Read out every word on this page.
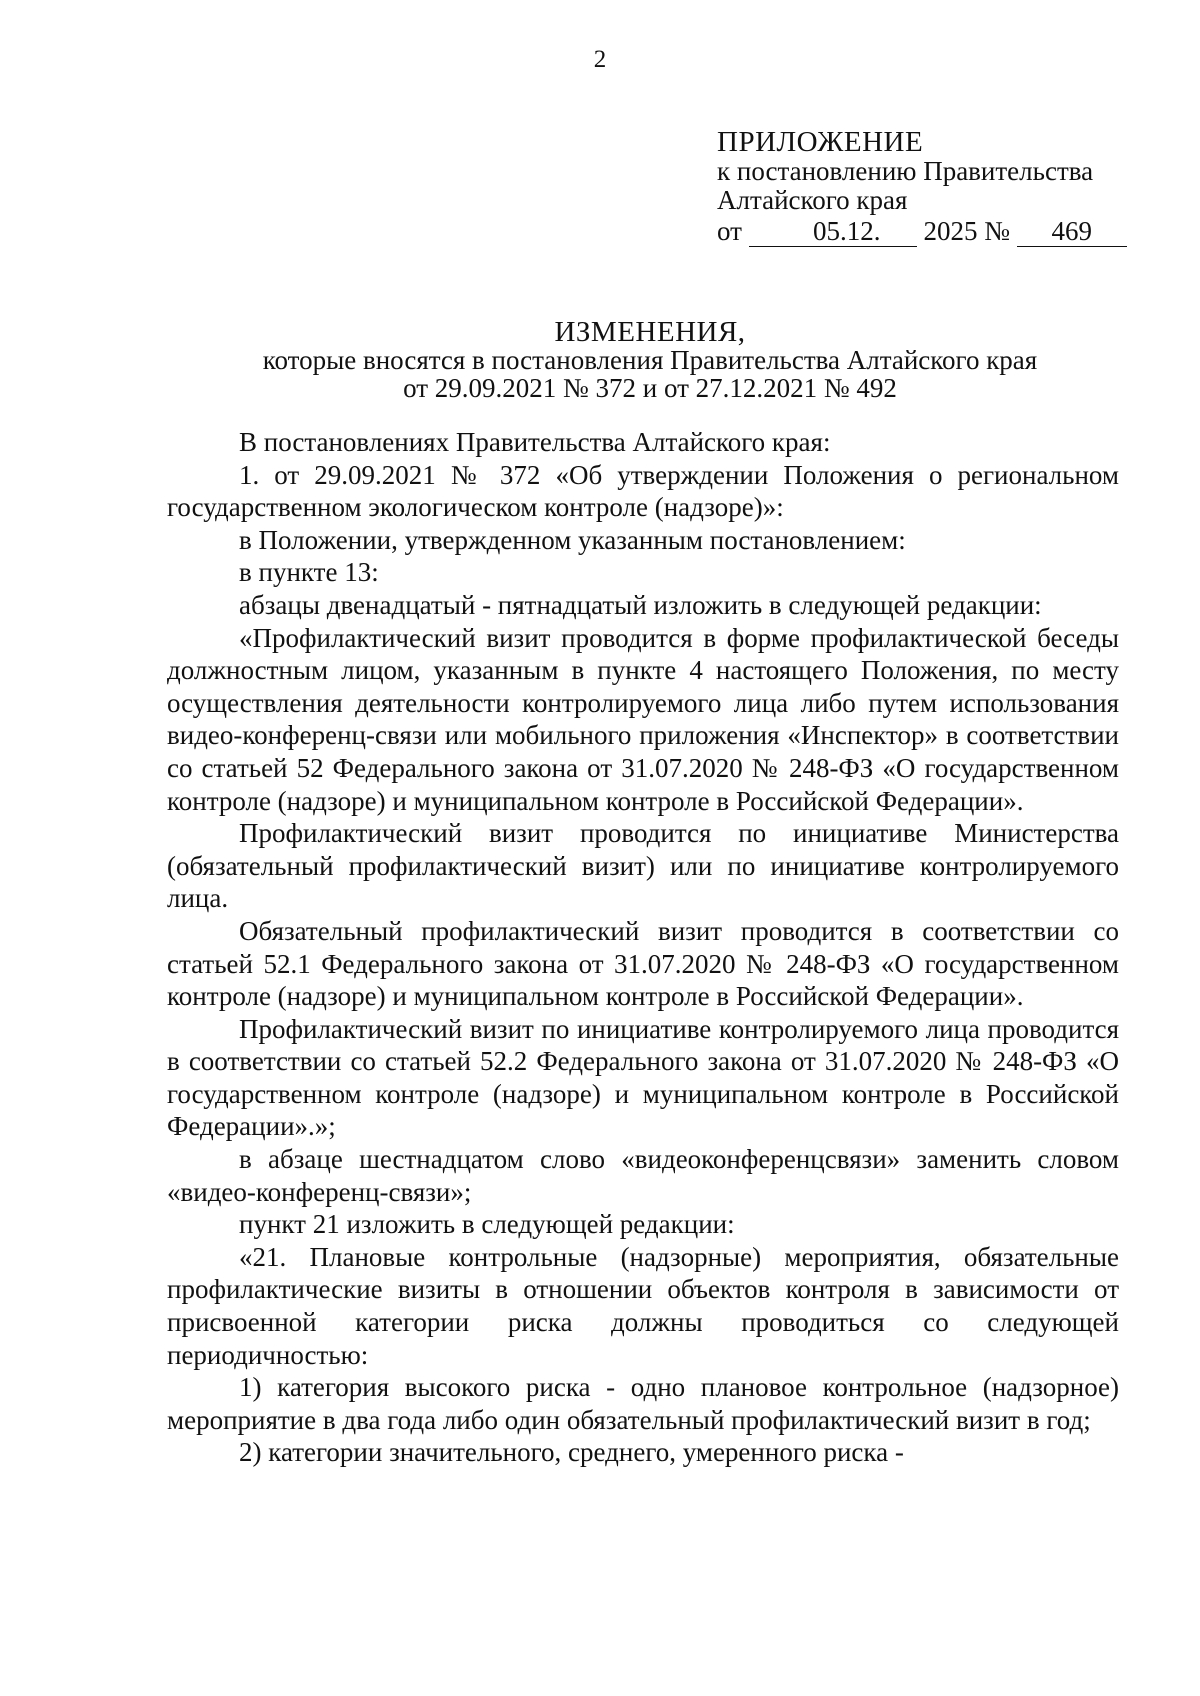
2
ПРИЛОЖЕНИЕ
к постановлению Правительства
Алтайского края
от	05.12. 2025 № 469
ИЗМЕНЕНИЯ,
которые вносятся в постановления Правительства Алтайского края
от 29.09.2021 № 372 и от 27.12.2021 № 492

В постановлениях Правительства Алтайского края:

1. от 29.09.2021 № 372 «Об утверждении Положения о региональном государственном экологическом контроле (надзоре)»:

в Положении, утвержденном указанным постановлением:

в пункте 13:

абзацы двенадцатый - пятнадцатый изложить в следующей редакции:

«Профилактический визит проводится в форме профилактической беседы должностным лицом, указанным в пункте 4 настоящего Положения, по месту осуществления деятельности контролируемого лица либо путем использования видео-конференц-связи или мобильного приложения «Инспектор» в соответствии со статьей 52 Федерального закона от 31.07.2020 № 248-ФЗ «О государственном контроле (надзоре) и муниципальном контроле в Российской Федерации».

Профилактический визит проводится по инициативе Министерства (обязательный профилактический визит) или по инициативе контролируемого лица.

Обязательный профилактический визит проводится в соответствии со статьей 52.1 Федерального закона от 31.07.2020 № 248-ФЗ «О государственном контроле (надзоре) и муниципальном контроле в Российской Федерации».

Профилактический визит по инициативе контролируемого лица проводится в соответствии со статьей 52.2 Федерального закона от 31.07.2020 № 248-ФЗ «О государственном контроле (надзоре) и муниципальном контроле в Российской Федерации».»;

в абзаце шестнадцатом слово «видеоконференцсвязи» заменить словом «видео-конференц-связи»;

пункт 21 изложить в следующей редакции:

«21. Плановые контрольные (надзорные) мероприятия, обязательные профилактические визиты в отношении объектов контроля в зависимости от присвоенной категории риска должны проводиться со следующей периодичностью:

1) категория высокого риска - одно плановое контрольное (надзорное) мероприятие в два года либо один обязательный профилактический визит в год;

2) категории значительного, среднего, умеренного риска -
